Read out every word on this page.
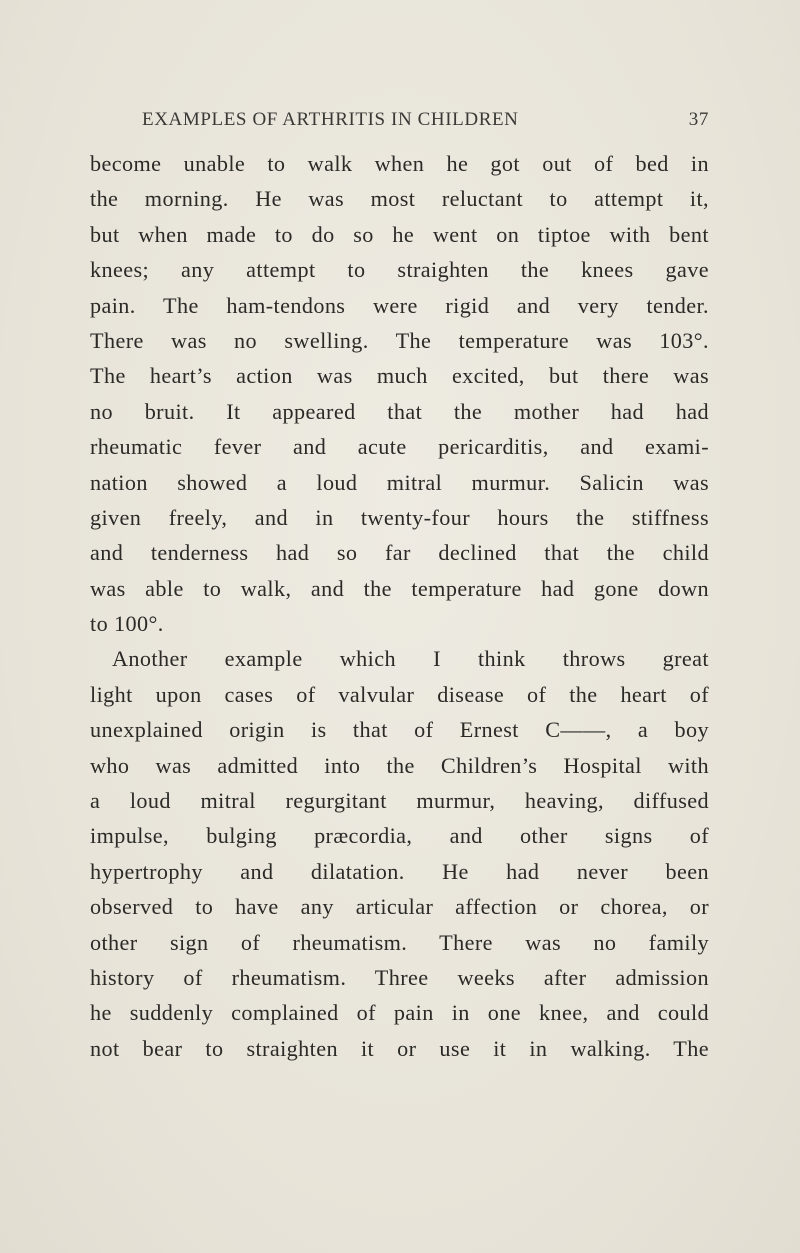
EXAMPLES OF ARTHRITIS IN CHILDREN	37
become unable to walk when he got out of bed in
the morning. He was most reluctant to attempt it,
but when made to do so he went on tiptoe with bent
knees; any attempt to straighten the knees gave
pain. The ham-tendons were rigid and very tender.
There was no swelling. The temperature was 103°.
The heart’s action was much excited, but there was
no bruit. It appeared that the mother had had
rheumatic fever and acute pericarditis, and exami-
nation showed a loud mitral murmur. Salicin was
given freely, and in twenty-four hours the stiffness
and tenderness had so far declined that the child
was able to walk, and the temperature had gone down
to 100°.
Another example which I think throws great
light upon cases of valvular disease of the heart of
unexplained origin is that of Ernest C——, a boy
who was admitted into the Children’s Hospital with
a loud mitral regurgitant murmur, heaving, diffused
impulse, bulging præcordia, and other signs of
hypertrophy and dilatation. He had never been
observed to have any articular affection or chorea, or
other sign of rheumatism. There was no family
history of rheumatism. Three weeks after admission
he suddenly complained of pain in one knee, and could
not bear to straighten it or use it in walking. The
